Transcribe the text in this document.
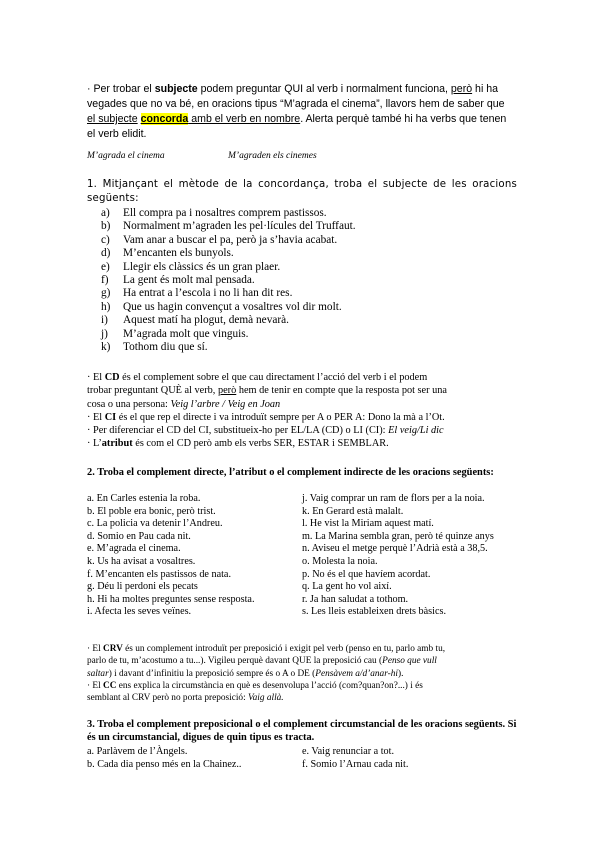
· Per trobar el subjecte podem preguntar QUI al verb i normalment funciona, però hi ha vegades que no va bé, en oracions tipus “M’agrada el cinema”, llavors hem de saber que el subjecte concorda amb el verb en nombre. Alerta perquè també hi ha verbs que tenen el verb elidit.
M’agrada el cinema	M’agraden els cinemes
1. Mitjançant el mètode de la concordança, troba el subjecte de les oracions següents:
a)	Ell compra pa i nosaltres comprem pastissos.
b)	Normalment m’agraden les pel·lícules del Truffaut.
c)	Vam anar a buscar el pa, però ja s’havia acabat.
d)	M’encanten els bunyols.
e)	Llegir els clàssics és un gran plaer.
f)	La gent és molt mal pensada.
g)	Ha entrat a l’escola i no li han dit res.
h)	Que us hagin convençut a vosaltres vol dir molt.
i)	Aquest matí ha plogut, demà nevarà.
j)	M’agrada molt que vinguis.
k)	Tothom diu que sí.
· El CD és el complement sobre el que cau directament l’acció del verb i el podem
trobar preguntant QUÈ al verb, però hem de tenir en compte que la resposta pot ser una
cosa o una persona: Veig l’arbre / Veig en Joan
· El CI és el que rep el directe i va introduït sempre per A o PER A: Dono la mà a l’Ot.
· Per diferenciar el CD del CI, substitueix-ho per EL/LA (CD) o LI (CI): El veig/Li dic
· L’atribut és com el CD però amb els verbs SER, ESTAR i SEMBLAR.
2. Troba el complement directe, l’atribut o el complement indirecte de les oracions següents:
a. En Carles estenia la roba.	j. Vaig comprar un ram de flors per a la noia.
b. El poble era bonic, però trist.	k. En Gerard està malalt.
c. La policia va detenir l’Andreu.	l. He vist la Miriam aquest matí.
d. Somio en Pau cada nit.	m. La Marina sembla gran, però té quinze anys
e. M’agrada el cinema.	n. Aviseu el metge perquè l’Adrià està a 38,5.
k. Us ha avisat a vosaltres.	o. Molesta la noia.
f. M’encanten els pastissos de nata.	p. No és el que havíem acordat.
g. Déu li perdoni els pecats	q. La gent ho vol així.
h. Hi ha moltes preguntes sense resposta.	r. Ja han saludat a tothom.
i. Afecta les seves veïnes.	s. Les lleis estableixen drets bàsics.
· El CRV és un complement introduït per preposició i exigit pel verb (penso en tu, parlo amb tu,
parlo de tu, m’acostumo a tu...). Vigileu perquè davant QUE la preposició cau (Penso que vull
saltar) i davant d’infinitiu la preposició sempre és o A o DE (Pensàvem a/d’anar-hi).
· El CC ens explica la circumstància en què es desenvolupa l’acció (com?quan?on?...) i és
semblant al CRV però no porta preposició: Vaig allà.
3. Troba el complement preposicional o el complement circumstancial de les oracions següents. Si és un circumstancial, digues de quin tipus es tracta.
a. Parlàvem de l’Àngels.	e. Vaig renunciar a tot.
b. Cada dia penso més en la Chainez..	f. Somio l’Arnau cada nit.
